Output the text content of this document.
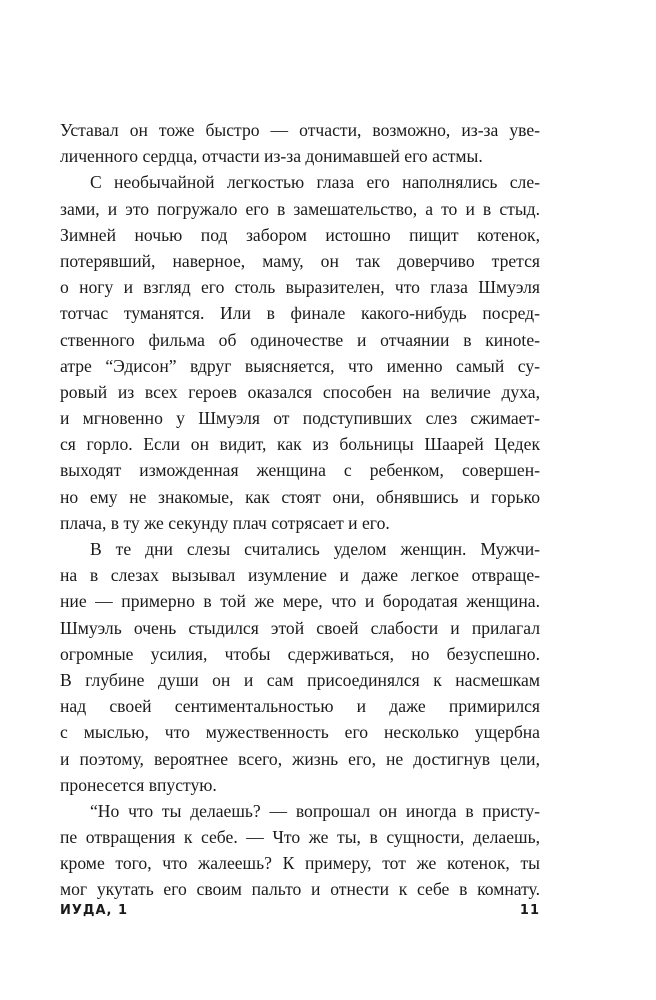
Уставал он тоже быстро — отчасти, возможно, из-за уве-
личенного сердца, отчасти из-за донимавшей его астмы.
С необычайной легкостью глаза его наполнялись сле-
зами, и это погружало его в замешательство, а то и в стыд.
Зимней ночью под забором истошно пищит котенок,
потерявший, наверное, маму, он так доверчиво трется
о ногу и взгляд его столь выразителен, что глаза Шмуэля
тотчас туманятся. Или в финале какого-нибудь посред-
ственного фильма об одиночестве и отчаянии в кинote-
атре “Эдисон” вдруг выясняется, что именно самый су-
ровый из всех героев оказался способен на величие духа,
и мгновенно у Шмуэля от подступивших слез сжимает-
ся горло. Если он видит, как из больницы Шаарей Цедек
выходят изможденная женщина с ребенком, совершен-
но ему не знакомые, как стоят они, обнявшись и горько
плача, в ту же секунду плач сотрясает и его.
В те дни слезы считались уделом женщин. Мужчи-
на в слезах вызывал изумление и даже легкое отвраще-
ние — примерно в той же мере, что и бородатая женщина.
Шмуэль очень стыдился этой своей слабости и прилагал
огромные усилия, чтобы сдерживаться, но безуспешно.
В глубине души он и сам присоединялся к насмешкам
над своей сентиментальностью и даже примирился
с мыслью, что мужественность его несколько ущербна
и поэтому, вероятнее всего, жизнь его, не достигнув цели,
пронесется впустую.
“Но что ты делаешь? — вопрошал он иногда в присту-
пе отвращения к себе. — Что же ты, в сущности, делаешь,
кроме того, что жалеешь? К примеру, тот же котенок, ты
мог укутать его своим пальто и отнести к себе в комнату.
ИУДА, 1	11
